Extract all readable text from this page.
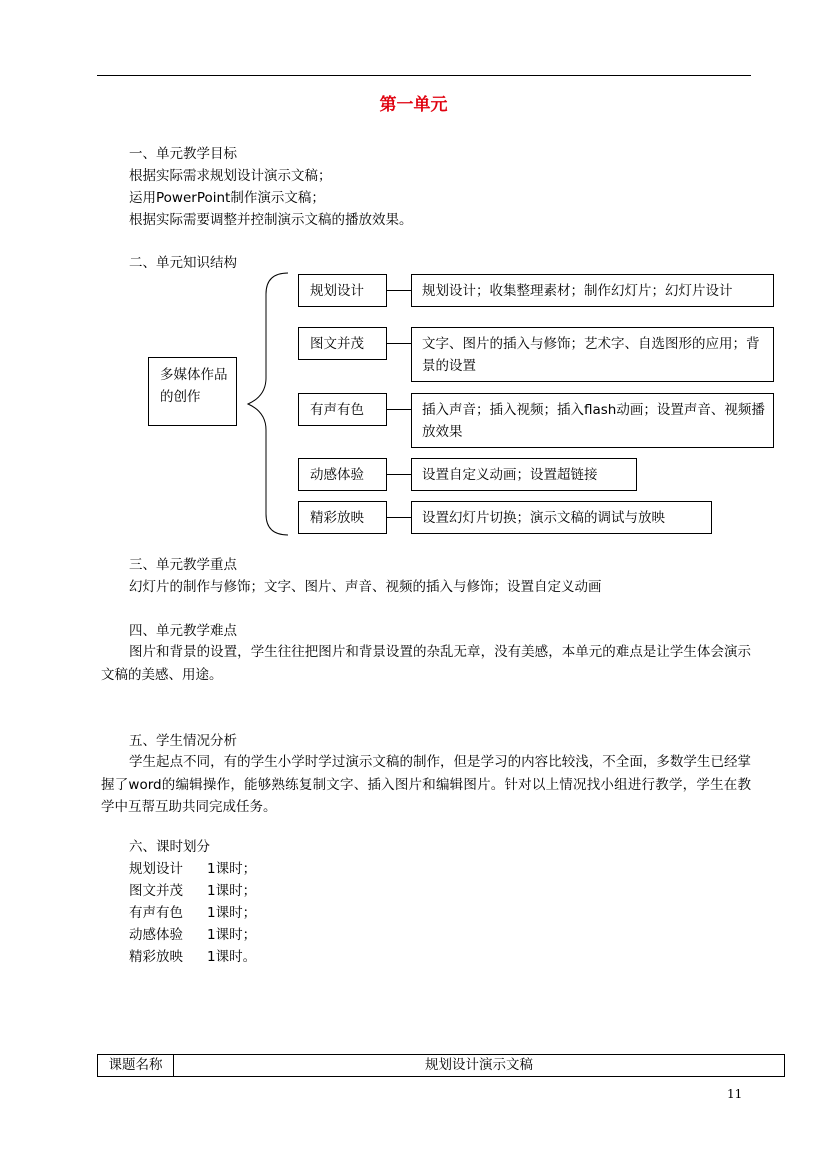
第一单元
一、单元教学目标
根据实际需求规划设计演示文稿；
运用PowerPoint制作演示文稿；
根据实际需要调整并控制演示文稿的播放效果。
二、单元知识结构
多媒体作品的创作
规划设计	规划设计；收集整理素材；制作幻灯片；幻灯片设计
图文并茂	文字、图片的插入与修饰；艺术字、自选图形的应用；背景的设置
有声有色	插入声音；插入视频；插入flash动画；设置声音、视频播放效果
动感体验	设置自定义动画；设置超链接
精彩放映	设置幻灯片切换；演示文稿的调试与放映
三、单元教学重点
幻灯片的制作与修饰；文字、图片、声音、视频的插入与修饰；设置自定义动画
四、单元教学难点
图片和背景的设置，学生往往把图片和背景设置的杂乱无章，没有美感，本单元的难点是让学生体会演示文稿的美感、用途。
五、学生情况分析
学生起点不同，有的学生小学时学过演示文稿的制作，但是学习的内容比较浅，不全面，多数学生已经掌握了word的编辑操作，能够熟练复制文字、插入图片和编辑图片。针对以上情况找小组进行教学，学生在教学中互帮互助共同完成任务。
六、课时划分
规划设计 1课时；
图文并茂 1课时；
有声有色 1课时；
动感体验 1课时；
精彩放映 1课时。
课题名称	规划设计演示文稿
11
